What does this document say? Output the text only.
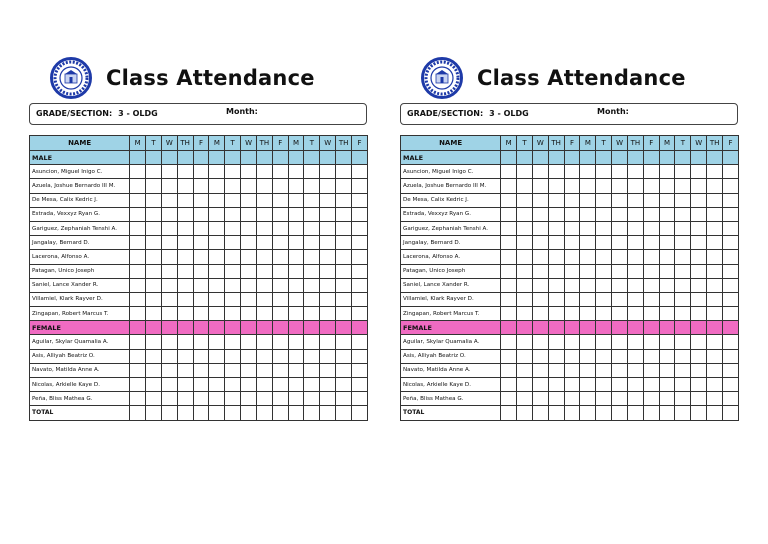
Class Attendance
GRADE/SECTION: 3 - OLDG	Month:
NAME	M	T	W	TH	F	M	T	W	TH	F	M	T	W	TH	F
MALE															
Asuncion, Miguel Inigo C.															
Azuela, Joshue Bernardo III M.															
De Mesa, Calix Kedric J.															
Estrada, Vexxyz Ryan G.															
Gariguez, Zephaniah Tenshi A.															
Jangalay, Bernard D.															
Lacerona, Alfonso A.															
Patagan, Unico Joseph															
Saniel, Lance Xander R.															
Villamiel, Klark Rayver D.															
Zingapan, Robert Marcus T.															
FEMALE															
Aguilar, Skylar Quamalia A.															
Asis, Alliyah Beatriz O.															
Navato, Matilda Anne A.															
Nicolas, Arkielle Kaye D.															
Peña, Bliss Mathea G.															
TOTAL															
Class Attendance
GRADE/SECTION: 3 - OLDG	Month:
NAME	M	T	W	TH	F	M	T	W	TH	F	M	T	W	TH	F
MALE															
Asuncion, Miguel Inigo C.															
Azuela, Joshue Bernardo III M.															
De Mesa, Calix Kedric J.															
Estrada, Vexxyz Ryan G.															
Gariguez, Zephaniah Tenshi A.															
Jangalay, Bernard D.															
Lacerona, Alfonso A.															
Patagan, Unico Joseph															
Saniel, Lance Xander R.															
Villamiel, Klark Rayver D.															
Zingapan, Robert Marcus T.															
FEMALE															
Aguilar, Skylar Quamalia A.															
Asis, Alliyah Beatriz O.															
Navato, Matilda Anne A.															
Nicolas, Arkielle Kaye D.															
Peña, Bliss Mathea G.															
TOTAL															
